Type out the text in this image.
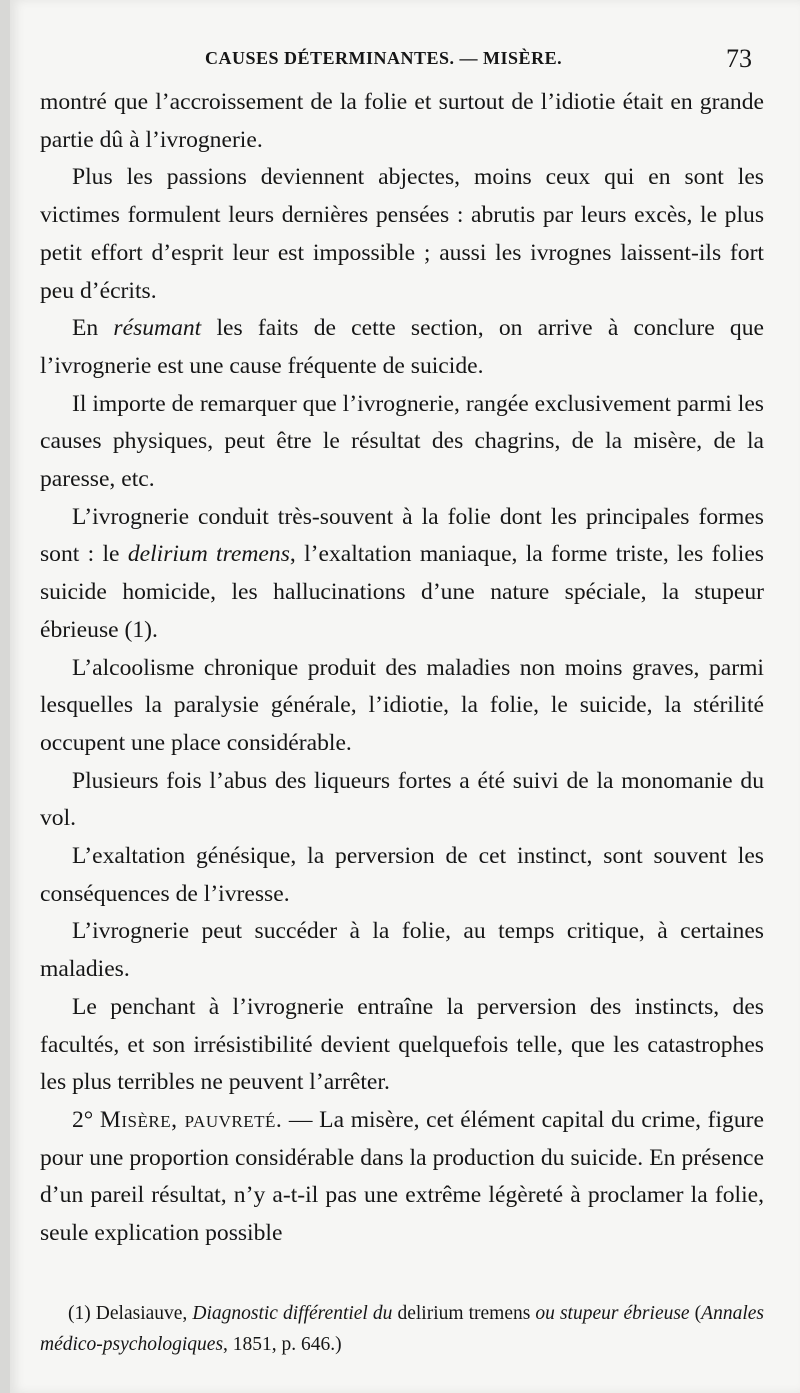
CAUSES DÉTERMINANTES. — MISÈRE.	73

montré que l’accroissement de la folie et surtout de l’idiotie était en grande partie dû à l’ivrognerie.

Plus les passions deviennent abjectes, moins ceux qui en sont les victimes formulent leurs dernières pensées : abrutis par leurs excès, le plus petit effort d’esprit leur est impossible ; aussi les ivrognes laissent-ils fort peu d’écrits.

En résumant les faits de cette section, on arrive à conclure que l’ivrognerie est une cause fréquente de suicide.

Il importe de remarquer que l’ivrognerie, rangée exclusivement parmi les causes physiques, peut être le résultat des chagrins, de la misère, de la paresse, etc.

L’ivrognerie conduit très-souvent à la folie dont les principales formes sont : le delirium tremens, l’exaltation maniaque, la forme triste, les folies suicide homicide, les hallucinations d’une nature spéciale, la stupeur ébrieuse (1).

L’alcoolisme chronique produit des maladies non moins graves, parmi lesquelles la paralysie générale, l’idiotie, la folie, le suicide, la stérilité occupent une place considérable.

Plusieurs fois l’abus des liqueurs fortes a été suivi de la monomanie du vol.

L’exaltation génésique, la perversion de cet instinct, sont souvent les conséquences de l’ivresse.

L’ivrognerie peut succéder à la folie, au temps critique, à certaines maladies.

Le penchant à l’ivrognerie entraîne la perversion des instincts, des facultés, et son irrésistibilité devient quelquefois telle, que les catastrophes les plus terribles ne peuvent l’arrêter.

2° Misère, pauvreté. — La misère, cet élément capital du crime, figure pour une proportion considérable dans la production du suicide. En présence d’un pareil résultat, n’y a-t-il pas une extrême légèreté à proclamer la folie, seule explication possible

(1) Delasiauve, Diagnostic différentiel du delirium tremens ou stupeur ébrieuse (Annales médico-psychologiques, 1851, p. 646.)
